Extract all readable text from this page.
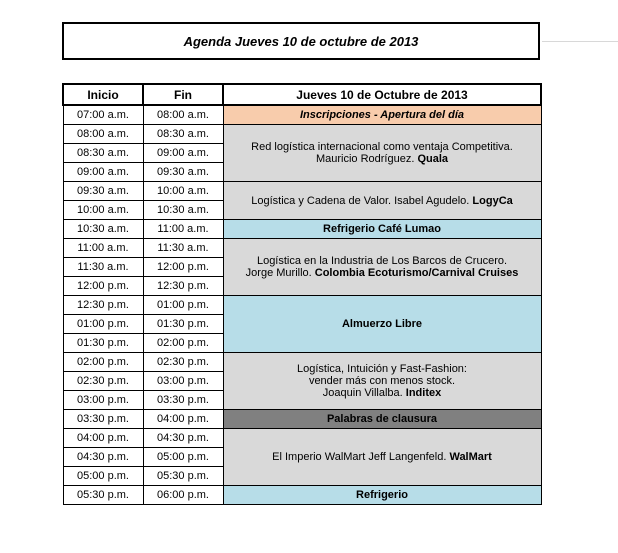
Agenda Jueves 10 de octubre de 2013
Inicio	Fin	Jueves 10 de Octubre de 2013
07:00 a.m.	08:00 a.m.	Inscripciones - Apertura del día
08:00 a.m.	08:30 a.m.	Red logística internacional como ventaja Competitiva.
Mauricio Rodríguez. Quala
08:30 a.m.	09:00 a.m.	
09:00 a.m.	09:30 a.m.	
09:30 a.m.	10:00 a.m.	Logística y Cadena de Valor. Isabel Agudelo. LogyCa
10:00 a.m.	10:30 a.m.	
10:30 a.m.	11:00 a.m.	Refrigerio Café Lumao
11:00 a.m.	11:30 a.m.	Logística en la Industria de Los Barcos de Crucero.
Jorge Murillo. Colombia Ecoturismo/Carnival Cruises
11:30 a.m.	12:00 p.m.	
12:00 p.m.	12:30 p.m.	
12:30 p.m.	01:00 p.m.	Almuerzo Libre
01:00 p.m.	01:30 p.m.	
01:30 p.m.	02:00 p.m.	
02:00 p.m.	02:30 p.m.	Logística, Intuición y Fast-Fashion:
vender más con menos stock.
Joaquin Villalba. Inditex
02:30 p.m.	03:00 p.m.	
03:00 p.m.	03:30 p.m.	
03:30 p.m.	04:00 p.m.	Palabras de clausura
04:00 p.m.	04:30 p.m.	El Imperio WalMart Jeff Langenfeld. WalMart
04:30 p.m.	05:00 p.m.	
05:00 p.m.	05:30 p.m.	
05:30 p.m.	06:00 p.m.	Refrigerio
